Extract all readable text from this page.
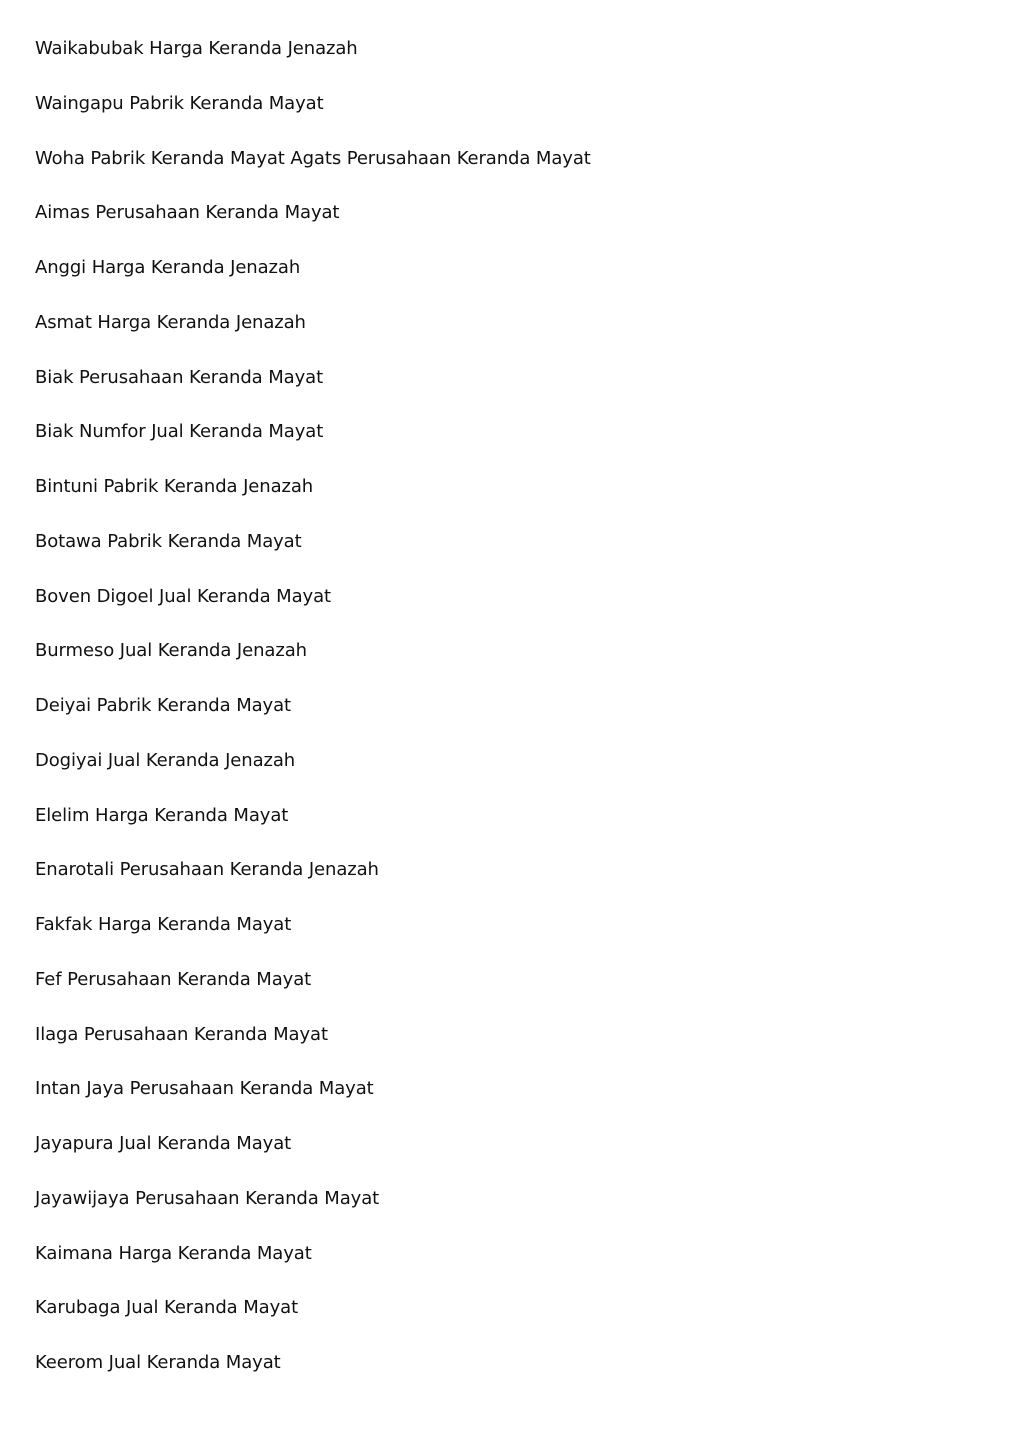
Waikabubak Harga Keranda Jenazah
Waingapu Pabrik Keranda Mayat
Woha Pabrik Keranda Mayat Agats Perusahaan Keranda Mayat
Aimas Perusahaan Keranda Mayat
Anggi Harga Keranda Jenazah
Asmat Harga Keranda Jenazah
Biak Perusahaan Keranda Mayat
Biak Numfor Jual Keranda Mayat
Bintuni Pabrik Keranda Jenazah
Botawa Pabrik Keranda Mayat
Boven Digoel Jual Keranda Mayat
Burmeso Jual Keranda Jenazah
Deiyai Pabrik Keranda Mayat
Dogiyai Jual Keranda Jenazah
Elelim Harga Keranda Mayat
Enarotali Perusahaan Keranda Jenazah
Fakfak Harga Keranda Mayat
Fef Perusahaan Keranda Mayat
Ilaga Perusahaan Keranda Mayat
Intan Jaya Perusahaan Keranda Mayat
Jayapura Jual Keranda Mayat
Jayawijaya Perusahaan Keranda Mayat
Kaimana Harga Keranda Mayat
Karubaga Jual Keranda Mayat
Keerom Jual Keranda Mayat
